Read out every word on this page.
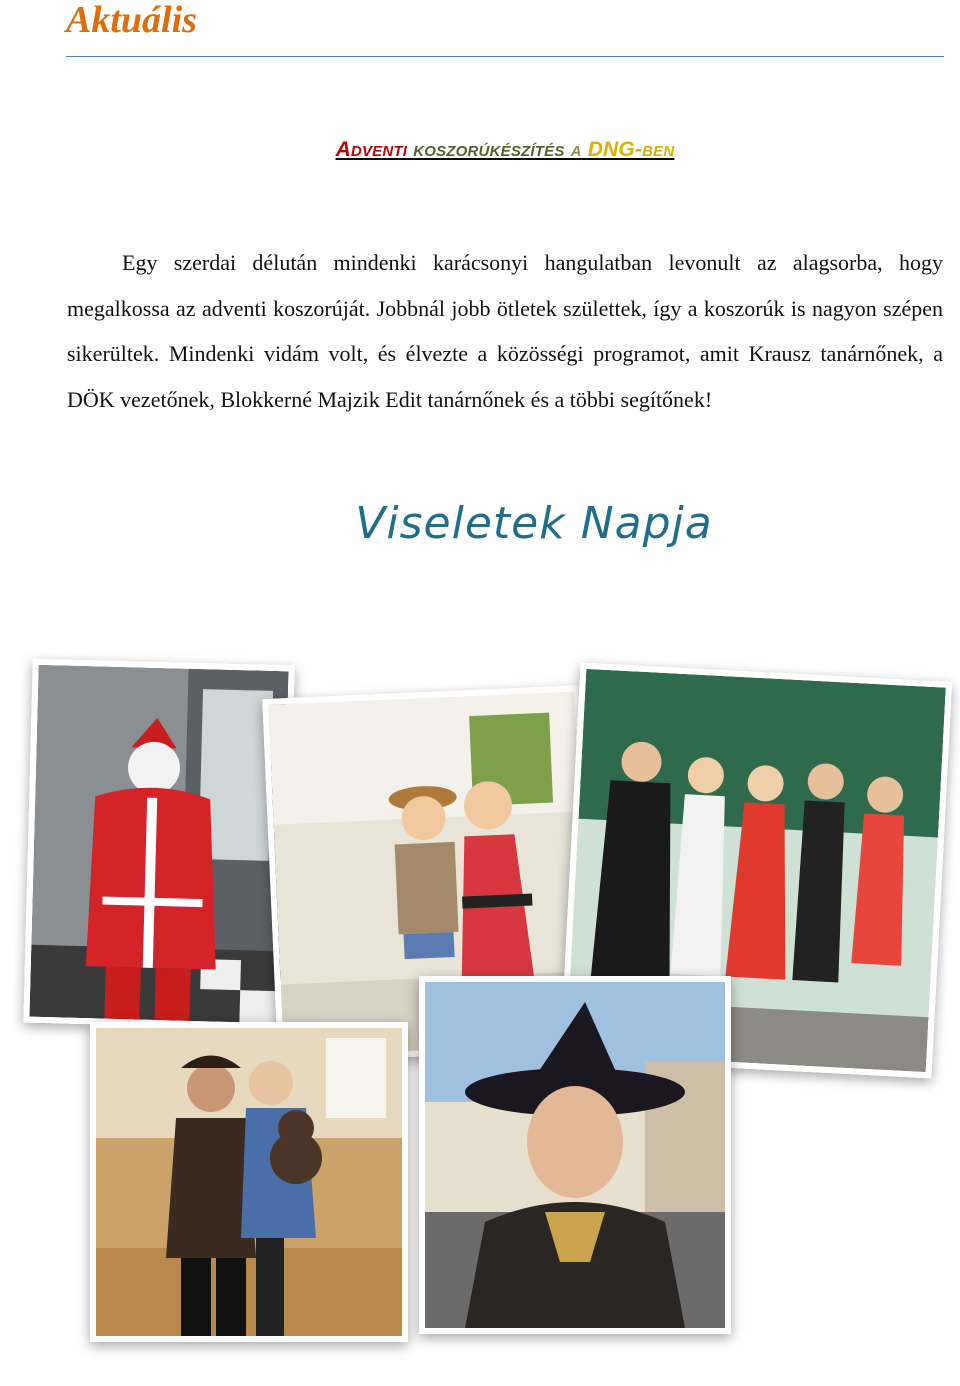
Aktuális
Adventi koszorúkészítés a DNG-ben

Egy szerdai délután mindenki karácsonyi hangulatban levonult az alagsorba, hogy megalkossa az adventi koszorúját. Jobbnál jobb ötletek születtek, így a koszorúk is nagyon szépen sikerültek. Mindenki vidám volt, és élvezte a közösségi programot, amit Krausz tanárnőnek, a DÖK vezetőnek, Blokkerné Majzik Edit tanárnőnek és a többi segítőnek!

Viseletek Napja
